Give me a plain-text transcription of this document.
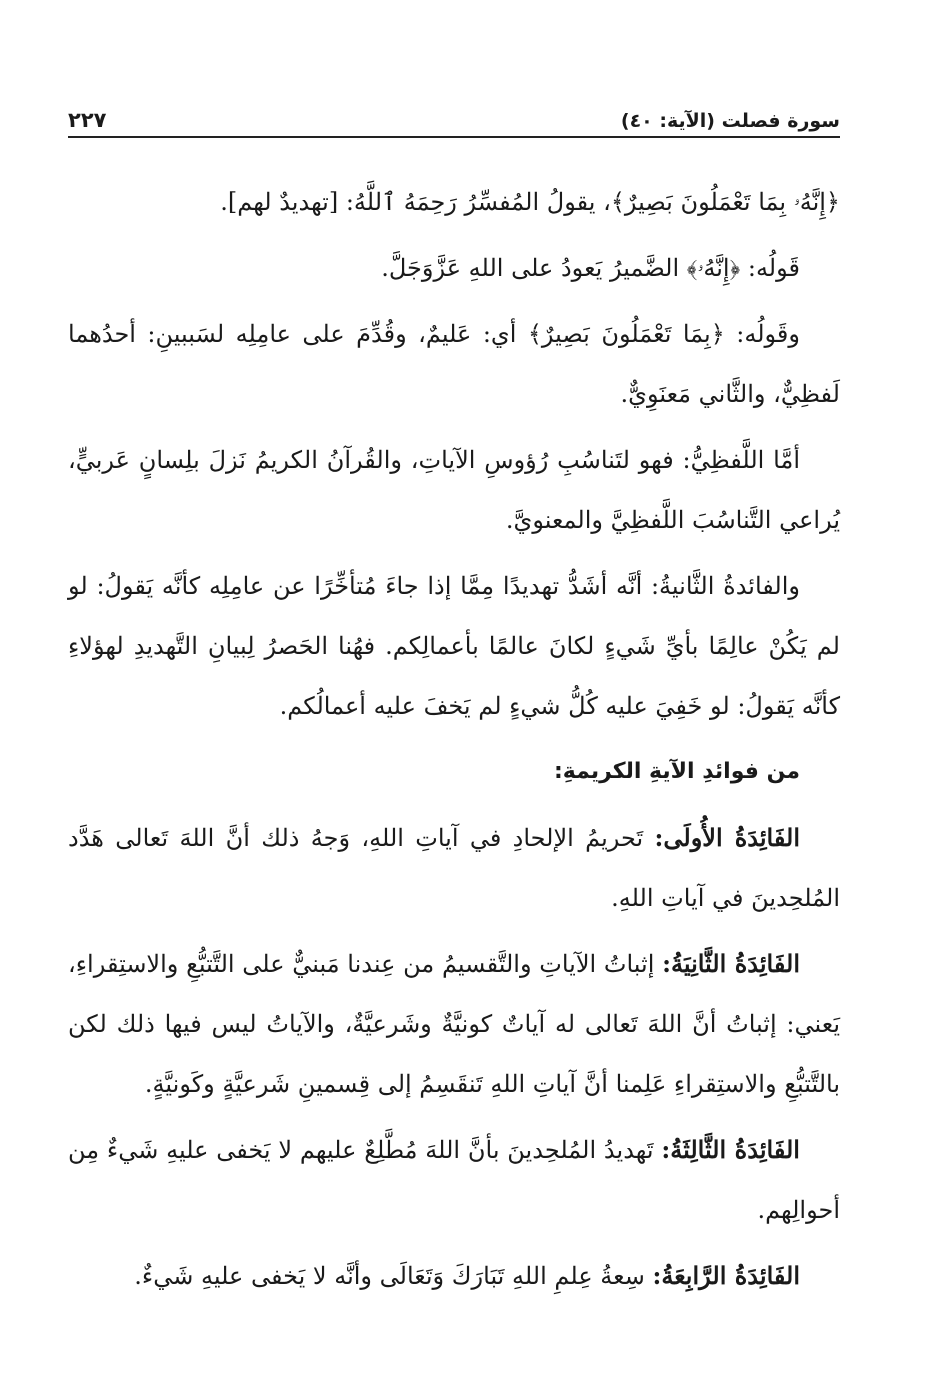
سورة فصلت (الآية: ٤٠)
٢٢٧

﴿إِنَّهُۥ بِمَا تَعْمَلُونَ بَصِيرٌ﴾، يقولُ المُفسِّرُ رَحِمَهُ ٱللَّهُ: [تهديدٌ لهم].

قَولُه: ﴿إِنَّهُۥ﴾ الضَّميرُ يَعودُ على اللهِ عَزَّوَجَلَّ.

وقَولُه: ﴿بِمَا تَعْمَلُونَ بَصِيرٌ﴾ أي: عَليمٌ، وقُدِّمَ على عامِلِه لسَببينِ: أحدُهما لَفظِيٌّ، والثَّاني مَعنَوِيٌّ.

أمَّا اللَّفظِيُّ: فهو لتَناسُبِ رُؤوسِ الآياتِ، والقُرآنُ الكريمُ نَزلَ بلِسانٍ عَربيٍّ، يُراعي التَّناسُبَ اللَّفظِيَّ والمعنويَّ.

والفائدةُ الثَّانيةُ: أنَّه أشَدُّ تهديدًا مِمَّا إذا جاءَ مُتأخِّرًا عن عامِلِه كأنَّه يَقولُ: لو لم يَكُنْ عالِمًا بأيِّ شَيءٍ لكانَ عالمًا بأعمالِكم. فهُنا الحَصرُ لِبيانِ التَّهديدِ لهؤلاءِ كأنَّه يَقولُ: لو خَفِيَ عليه كُلُّ شيءٍ لم يَخفَ عليه أعمالُكم.

من فوائدِ الآيةِ الكريمةِ:

الفَائِدَةُ الأُولَى: تَحريمُ الإلحادِ في آياتِ اللهِ، وَجهُ ذلك أنَّ اللهَ تَعالى هَدَّد المُلحِدينَ في آياتِ اللهِ.

الفَائِدَةُ الثَّانِيَةُ: إثباتُ الآياتِ والتَّقسيمُ من عِندنا مَبنيٌّ على التَّتبُّعِ والاستِقراءِ، يَعني: إثباتُ أنَّ اللهَ تَعالى له آياتٌ كونيَّةٌ وشَرعيَّةٌ، والآياتُ ليس فيها ذلك لكن بالتَّتبُّعِ والاستِقراءِ عَلِمنا أنَّ آياتِ اللهِ تَنقَسِمُ إلى قِسمينِ شَرعيَّةٍ وكَونيَّةٍ.

الفَائِدَةُ الثَّالِثَةُ: تَهديدُ المُلحِدينَ بأنَّ اللهَ مُطَّلِعٌ عليهم لا يَخفى عليهِ شَيءٌ مِن أحوالِهم.

الفَائِدَةُ الرَّابِعَةُ: سِعةُ عِلمِ اللهِ تَبَارَكَ وَتَعَالَى وأنَّه لا يَخفى عليهِ شَيءٌ.
